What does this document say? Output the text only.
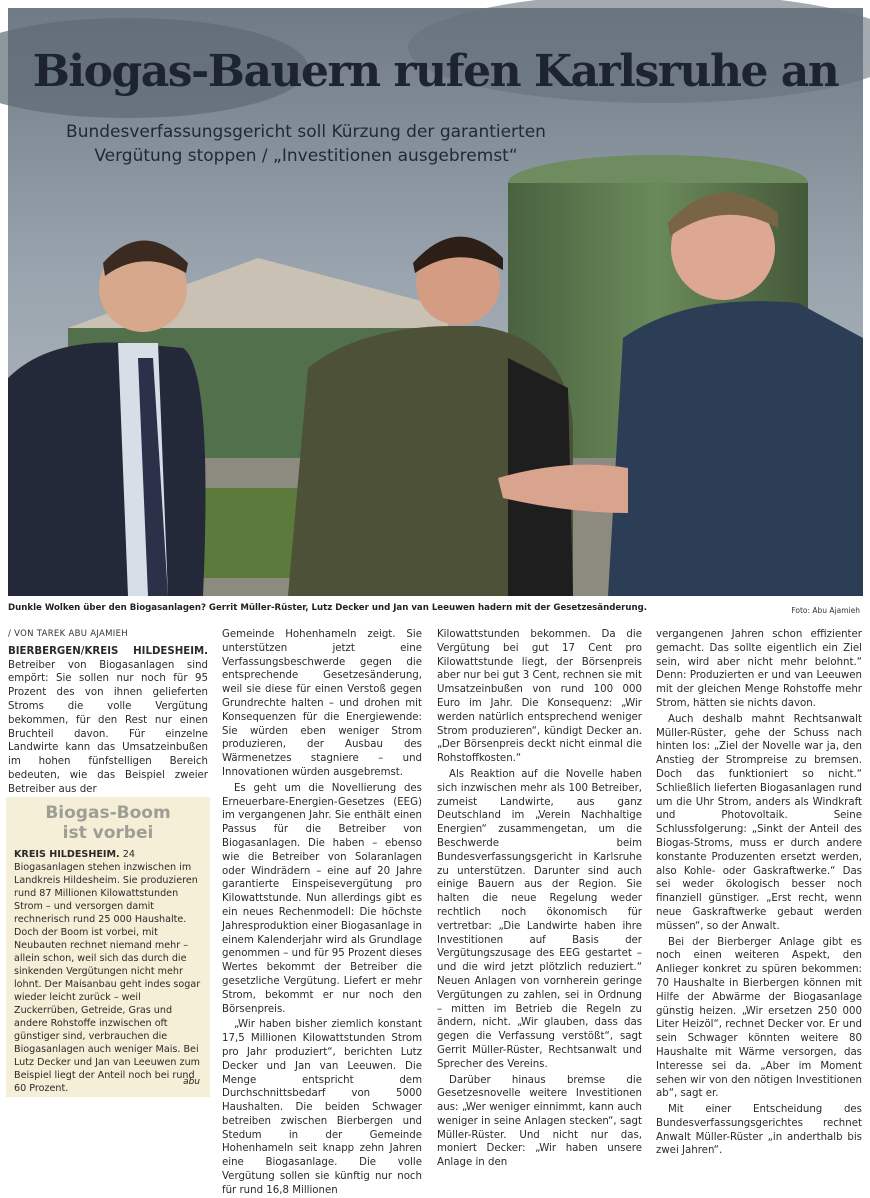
Biogas-Bauern rufen Karlsruhe an
Bundesverfassungsgericht soll Kürzung der garantierten
Vergütung stoppen / „Investitionen ausgebremst“
Dunkle Wolken über den Biogasanlagen? Gerrit Müller-Rüster, Lutz Decker und Jan van Leeuwen hadern mit der Gesetzesänderung.	Foto: Abu Ajamieh
/ VON TAREK ABU AJAMIEH

BIERBERGEN/KREIS HILDESHEIM. Betreiber von Biogasanlagen sind empört: Sie sollen nur noch für 95 Prozent des von ihnen gelieferten Stroms die volle Vergütung bekommen, für den Rest nur einen Bruchteil davon. Für einzelne Landwirte kann das Umsatzeinbußen im hohen fünfstelligen Bereich bedeuten, wie das Beispiel zweier Betreiber aus der

Biogas-Boom
ist vorbei
KREIS HILDESHEIM. 24 Biogasanlagen stehen inzwischen im Landkreis Hildesheim. Sie produzieren rund 87 Millionen Kilowattstunden Strom – und versorgen damit rechnerisch rund 25 000 Haushalte. Doch der Boom ist vorbei, mit Neubauten rechnet niemand mehr – allein schon, weil sich das durch die sinkenden Vergütungen nicht mehr lohnt. Der Maisanbau geht indes sogar wieder leicht zurück – weil Zuckerrüben, Getreide, Gras und andere Rohstoffe inzwischen oft günstiger sind, verbrauchen die Biogasanlagen auch weniger Mais. Bei Lutz Decker und Jan van Leeuwen zum Beispiel liegt der Anteil noch bei rund 60 Prozent.
abu

Gemeinde Hohenhameln zeigt. Sie unterstützen jetzt eine Verfassungsbeschwerde gegen die entsprechende Gesetzesänderung, weil sie diese für einen Verstoß gegen Grundrechte halten – und drohen mit Konsequenzen für die Energiewende: Sie würden eben weniger Strom produzieren, der Ausbau des Wärmenetzes stagniere – und Innovationen würden ausgebremst.

Es geht um die Novellierung des Erneuerbare-Energien-Gesetzes (EEG) im vergangenen Jahr. Sie enthält einen Passus für die Betreiber von Biogasanlagen. Die haben – ebenso wie die Betreiber von Solaranlagen oder Windrädern – eine auf 20 Jahre garantierte Einspeisevergütung pro Kilowattstunde. Nun allerdings gibt es ein neues Rechenmodell: Die höchste Jahresproduktion einer Biogasanlage in einem Kalenderjahr wird als Grundlage genommen – und für 95 Prozent dieses Wertes bekommt der Betreiber die gesetzliche Vergütung. Liefert er mehr Strom, bekommt er nur noch den Börsenpreis.

„Wir haben bisher ziemlich konstant 17,5 Millionen Kilowattstunden Strom pro Jahr produziert“, berichten Lutz Decker und Jan van Leeuwen. Die Menge entspricht dem Durchschnittsbedarf von 5000 Haushalten. Die beiden Schwager betreiben zwischen Bierbergen und Stedum in der Gemeinde Hohenhameln seit knapp zehn Jahren eine Biogasanlage. Die volle Vergütung sollen sie künftig nur noch für rund 16,8 Millionen

Kilowattstunden bekommen. Da die Vergütung bei gut 17 Cent pro Kilowattstunde liegt, der Börsenpreis aber nur bei gut 3 Cent, rechnen sie mit Umsatzeinbußen von rund 100 000 Euro im Jahr. Die Konsequenz: „Wir werden natürlich entsprechend weniger Strom produzieren“, kündigt Decker an. „Der Börsenpreis deckt nicht einmal die Rohstoffkosten.“

Als Reaktion auf die Novelle haben sich inzwischen mehr als 100 Betreiber, zumeist Landwirte, aus ganz Deutschland im „Verein Nachhaltige Energien“ zusammengetan, um die Beschwerde beim Bundesverfassungsgericht in Karlsruhe zu unterstützen. Darunter sind auch einige Bauern aus der Region. Sie halten die neue Regelung weder rechtlich noch ökonomisch für vertretbar: „Die Landwirte haben ihre Investitionen auf Basis der Vergütungszusage des EEG gestartet – und die wird jetzt plötzlich reduziert.“ Neuen Anlagen von vornherein geringe Vergütungen zu zahlen, sei in Ordnung – mitten im Betrieb die Regeln zu ändern, nicht. „Wir glauben, dass das gegen die Verfassung verstößt“, sagt Gerrit Müller-Rüster, Rechtsanwalt und Sprecher des Vereins.

Darüber hinaus bremse die Gesetzesnovelle weitere Investitionen aus: „Wer weniger einnimmt, kann auch weniger in seine Anlagen stecken“, sagt Müller-Rüster. Und nicht nur das, moniert Decker: „Wir haben unsere Anlage in den

vergangenen Jahren schon effizienter gemacht. Das sollte eigentlich ein Ziel sein, wird aber nicht mehr belohnt.“ Denn: Produzierten er und van Leeuwen mit der gleichen Menge Rohstoffe mehr Strom, hätten sie nichts davon.

Auch deshalb mahnt Rechtsanwalt Müller-Rüster, gehe der Schuss nach hinten los: „Ziel der Novelle war ja, den Anstieg der Strompreise zu bremsen. Doch das funktioniert so nicht.“ Schließlich lieferten Biogasanlagen rund um die Uhr Strom, anders als Windkraft und Photovoltaik. Seine Schlussfolgerung: „Sinkt der Anteil des Biogas-Stroms, muss er durch andere konstante Produzenten ersetzt werden, also Kohle- oder Gaskraftwerke.“ Das sei weder ökologisch besser noch finanziell günstiger. „Erst recht, wenn neue Gaskraftwerke gebaut werden müssen“, so der Anwalt.

Bei der Bierberger Anlage gibt es noch einen weiteren Aspekt, den Anlieger konkret zu spüren bekommen: 70 Haushalte in Bierbergen können mit Hilfe der Abwärme der Biogasanlage günstig heizen. „Wir ersetzen 250 000 Liter Heizöl“, rechnet Decker vor. Er und sein Schwager könnten weitere 80 Haushalte mit Wärme versorgen, das Interesse sei da. „Aber im Moment sehen wir von den nötigen Investitionen ab“, sagt er.

Mit einer Entscheidung des Bundesverfassungsgerichtes rechnet Anwalt Müller-Rüster „in anderthalb bis zwei Jahren“.
